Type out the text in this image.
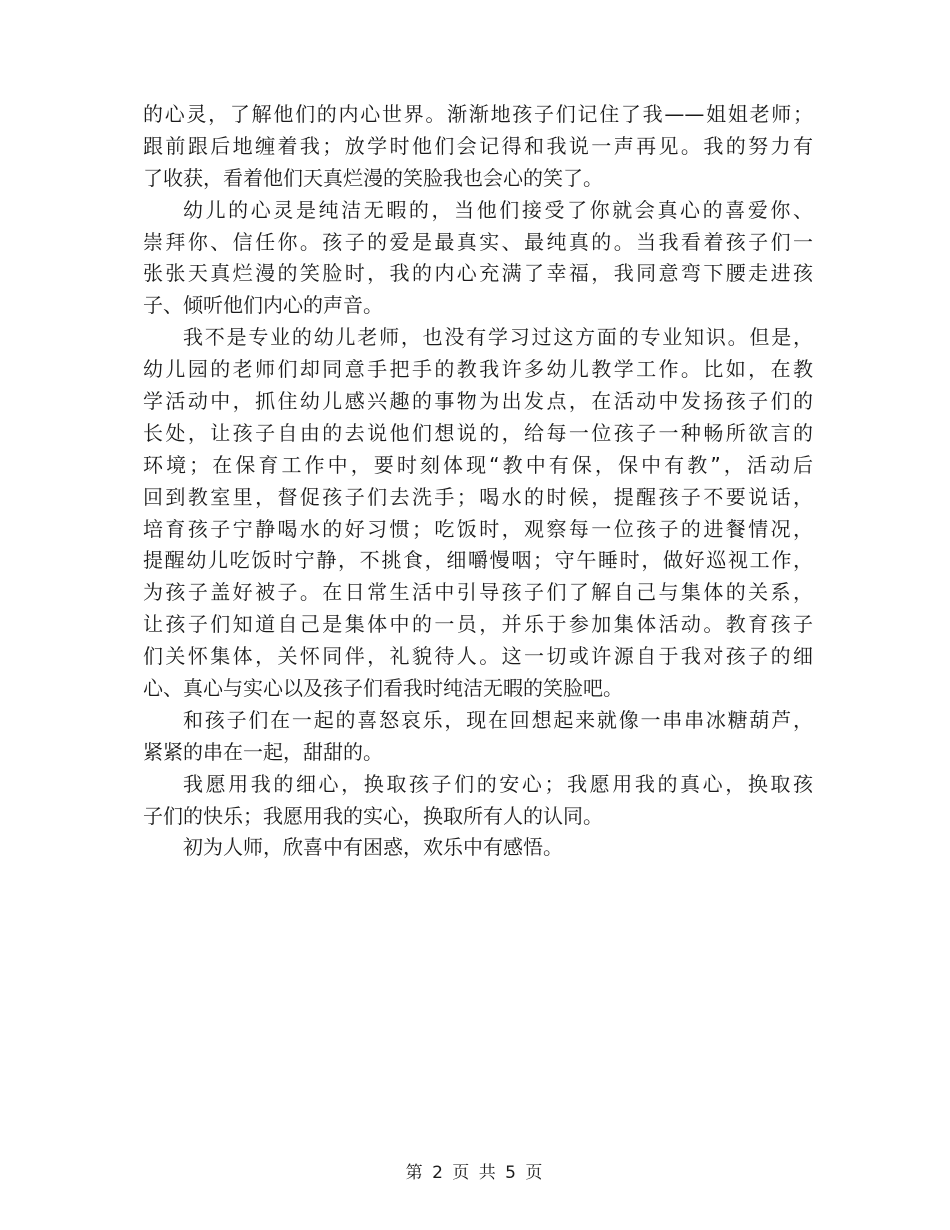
的心灵，了解他们的内心世界。渐渐地孩子们记住了我——姐姐老师；
跟前跟后地缠着我；放学时他们会记得和我说一声再见。我的努力有
了收获，看着他们天真烂漫的笑脸我也会心的笑了。
幼儿的心灵是纯洁无暇的，当他们接受了你就会真心的喜爱你、
崇拜你、信任你。孩子的爱是最真实、最纯真的。当我看着孩子们一
张张天真烂漫的笑脸时，我的内心充满了幸福，我同意弯下腰走进孩
子、倾听他们内心的声音。
我不是专业的幼儿老师，也没有学习过这方面的专业知识。但是，
幼儿园的老师们却同意手把手的教我许多幼儿教学工作。比如，在教
学活动中，抓住幼儿感兴趣的事物为出发点，在活动中发扬孩子们的
长处，让孩子自由的去说他们想说的，给每一位孩子一种畅所欲言的
环境；在保育工作中，要时刻体现“教中有保，保中有教”，活动后
回到教室里，督促孩子们去洗手；喝水的时候，提醒孩子不要说话，
培育孩子宁静喝水的好习惯；吃饭时，观察每一位孩子的进餐情况，
提醒幼儿吃饭时宁静，不挑食，细嚼慢咽；守午睡时，做好巡视工作，
为孩子盖好被子。在日常生活中引导孩子们了解自己与集体的关系，
让孩子们知道自己是集体中的一员，并乐于参加集体活动。教育孩子
们关怀集体，关怀同伴，礼貌待人。这一切或许源自于我对孩子的细
心、真心与实心以及孩子们看我时纯洁无暇的笑脸吧。
和孩子们在一起的喜怒哀乐，现在回想起来就像一串串冰糖葫芦，
紧紧的串在一起，甜甜的。
我愿用我的细心，换取孩子们的安心；我愿用我的真心，换取孩
子们的快乐；我愿用我的实心，换取所有人的认同。
初为人师，欣喜中有困惑，欢乐中有感悟。
第 2 页 共 5 页
